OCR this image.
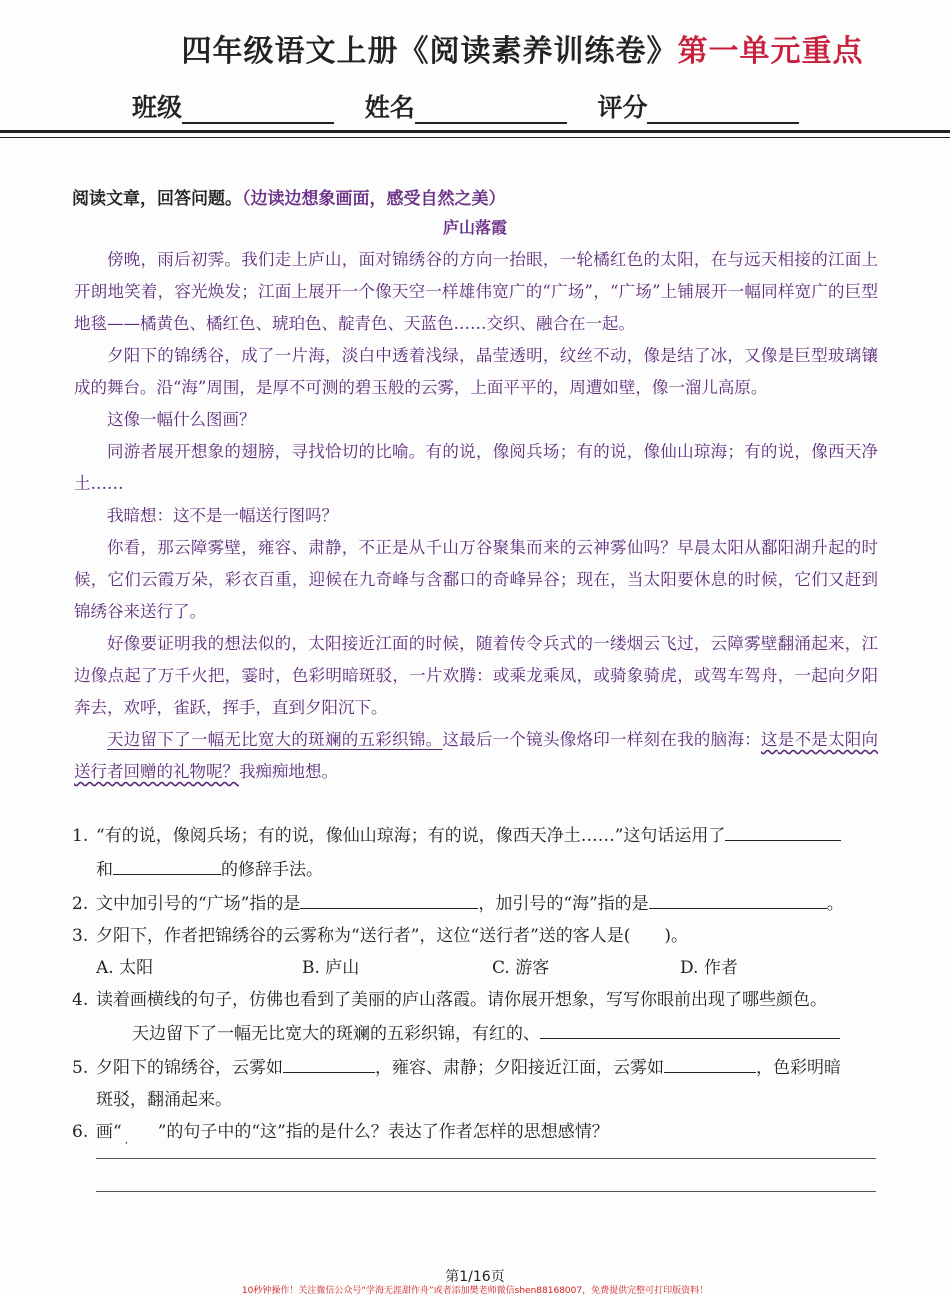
四年级语文上册《阅读素养训练卷》第一单元重点
班级	姓名	评分
阅读文章，回答问题。（边读边想象画面，感受自然之美）
庐山落霞

傍晚，雨后初霁。我们走上庐山，面对锦绣谷的方向一抬眼，一轮橘红色的太阳，在与远天相接的江面上开朗地笑着，容光焕发；江面上展开一个像天空一样雄伟宽广的“广场”，“广场”上铺展开一幅同样宽广的巨型地毯——橘黄色、橘红色、琥珀色、靛青色、天蓝色……交织、融合在一起。

夕阳下的锦绣谷，成了一片海，淡白中透着浅绿，晶莹透明，纹丝不动，像是结了冰，又像是巨型玻璃镶成的舞台。沿“海”周围，是厚不可测的碧玉般的云雾，上面平平的，周遭如壁，像一溜儿高原。

这像一幅什么图画？

同游者展开想象的翅膀，寻找恰切的比喻。有的说，像阅兵场；有的说，像仙山琼海；有的说，像西天净土……

我暗想：这不是一幅送行图吗？

你看，那云障雾壁，雍容、肃静，不正是从千山万谷聚集而来的云神雾仙吗？早晨太阳从鄱阳湖升起的时候，它们云霞万朵，彩衣百重，迎候在九奇峰与含鄱口的奇峰异谷；现在，当太阳要休息的时候，它们又赶到锦绣谷来送行了。

好像要证明我的想法似的，太阳接近江面的时候，随着传令兵式的一缕烟云飞过，云障雾壁翻涌起来，江边像点起了万千火把，霎时，色彩明暗斑驳，一片欢腾：或乘龙乘凤，或骑象骑虎，或驾车驾舟，一起向夕阳奔去，欢呼，雀跃，挥手，直到夕阳沉下。

天边留下了一幅无比宽大的斑斓的五彩织锦。这最后一个镜头像烙印一样刻在我的脑海：这是不是太阳向送行者回赠的礼物呢？我痴痴地想。

1. “有的说，像阅兵场；有的说，像仙山琼海；有的说，像西天净土……”这句话运用了

和	的修辞手法。

2. 文中加引号的“广场”指的是	，加引号的“海”指的是	。

3. 夕阳下，作者把锦绣谷的云雾称为“送行者”，这位“送行者”送的客人是(　　)。

A. 太阳	B. 庐山	C. 游客	D. 作者

4. 读着画横线的句子，仿佛也看到了美丽的庐山落霞。请你展开想象，写写你眼前出现了哪些颜色。

天边留下了一幅无比宽大的斑斓的五彩织锦，有红的、

5. 夕阳下的锦绣谷，云雾如	，雍容、肃静；夕阳接近江面，云雾如	，色彩明暗

斑驳，翻涌起来。

6. 画“ ”的句子中的“这”指的是什么？表达了作者怎样的思想感情？

第1/16页
10秒钟操作！关注微信公众号“学海无涯甜作舟”或者添加樊老师微信shen88168007，免费提供完整可打印版资料！
